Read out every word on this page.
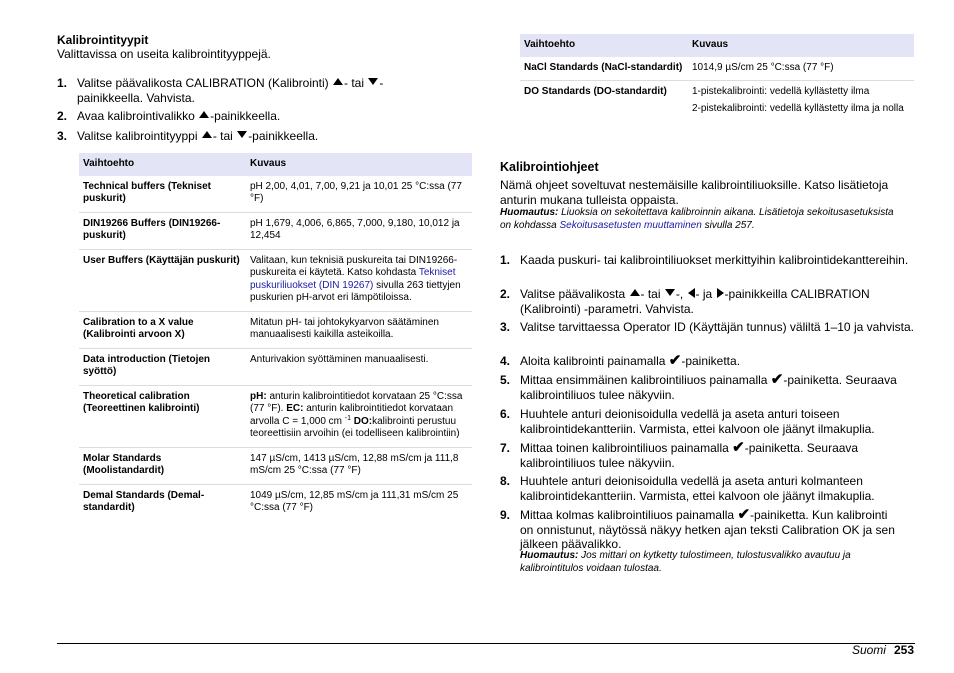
Kalibrointityypit
Valittavissa on useita kalibrointityyppejä.
1. Valitse päävalikosta CALIBRATION (Kalibrointi) - tai -
painikkeella. Vahvista.
2. Avaa kalibrointivalikko -painikkeella.
3. Valitse kalibrointityyppi - tai -painikkeella.
Vaihtoehto	Kuvaus
Technical buffers (Tekniset puskurit)	pH 2,00, 4,01, 7,00, 9,21 ja 10,01 25 °C:ssa (77 °F)
DIN19266 Buffers (DIN19266-puskurit)	pH 1,679, 4,006, 6,865, 7,000, 9,180, 10,012 ja 12,454
User Buffers (Käyttäjän puskurit)	Valitaan, kun teknisiä puskureita tai DIN19266-puskureita ei käytetä. Katso kohdasta Tekniset puskuriliuokset (DIN 19267) sivulla 263 tiettyjen puskurien pH-arvot eri lämpötiloissa.
Calibration to a X value (Kalibrointi arvoon X)	Mitatun pH- tai johtokykyarvon säätäminen manuaalisesti kaikilla asteikoilla.
Data introduction (Tietojen syöttö)	Anturivakion syöttäminen manuaalisesti.
Theoretical calibration (Teoreettinen kalibrointi)	pH: anturin kalibrointitiedot korvataan 25 °C:ssa (77 °F). EC: anturin kalibrointitiedot korvataan arvolla C = 1,000 cm $^{-1}$ DO:kalibrointi perustuu teoreettisiin arvoihin (ei todelliseen kalibrointiin)
Molar Standards (Moolistandardit)	147 µS/cm, 1413 µS/cm, 12,88 mS/cm ja 111,8 mS/cm 25 °C:ssa (77 °F)
Demal Standards (Demal-standardit)	1049 µS/cm, 12,85 mS/cm ja 111,31 mS/cm 25 °C:ssa (77 °F)
Vaihtoehto	Kuvaus
NaCl Standards (NaCl-standardit)	1014,9 µS/cm 25 °C:ssa (77 °F)
DO Standards (DO-standardit)	1-pistekalibrointi: vedellä kyllästetty ilma

2-pistekalibrointi: vedellä kyllästetty ilma ja nolla

Kalibrointiohjeet
Nämä ohjeet soveltuvat nestemäisille kalibrointiliuoksille. Katso lisätietoja anturin mukana tulleista oppaista.
Huomautus: Liuoksia on sekoitettava kalibroinnin aikana. Lisätietoja sekoitusasetuksista on kohdassa Sekoitusasetusten muuttaminen sivulla 257.
1. Kaada puskuri- tai kalibrointiliuokset merkittyihin kalibrointidekanttereihin.
2. Valitse päävalikosta - tai -, - ja -painikkeilla CALIBRATION (Kalibrointi) -parametri. Vahvista.
3. Valitse tarvittaessa Operator ID (Käyttäjän tunnus) väliltä 1–10 ja vahvista.
4. Aloita kalibrointi painamalla ✔-painiketta.
5. Mittaa ensimmäinen kalibrointiliuos painamalla ✔-painiketta. Seuraava kalibrointiliuos tulee näkyviin.
6. Huuhtele anturi deionisoidulla vedellä ja aseta anturi toiseen kalibrointidekantteriin. Varmista, ettei kalvoon ole jäänyt ilmakuplia.
7. Mittaa toinen kalibrointiliuos painamalla ✔-painiketta. Seuraava kalibrointiliuos tulee näkyviin.
8. Huuhtele anturi deionisoidulla vedellä ja aseta anturi kolmanteen kalibrointidekantteriin. Varmista, ettei kalvoon ole jäänyt ilmakuplia.
9. Mittaa kolmas kalibrointiliuos painamalla ✔-painiketta. Kun kalibrointi on onnistunut, näytössä näkyy hetken ajan teksti Calibration OK ja sen jälkeen päävalikko.
Huomautus: Jos mittari on kytketty tulostimeen, tulostusvalikko avautuu ja kalibrointitulos voidaan tulostaa.
Suomi 253
